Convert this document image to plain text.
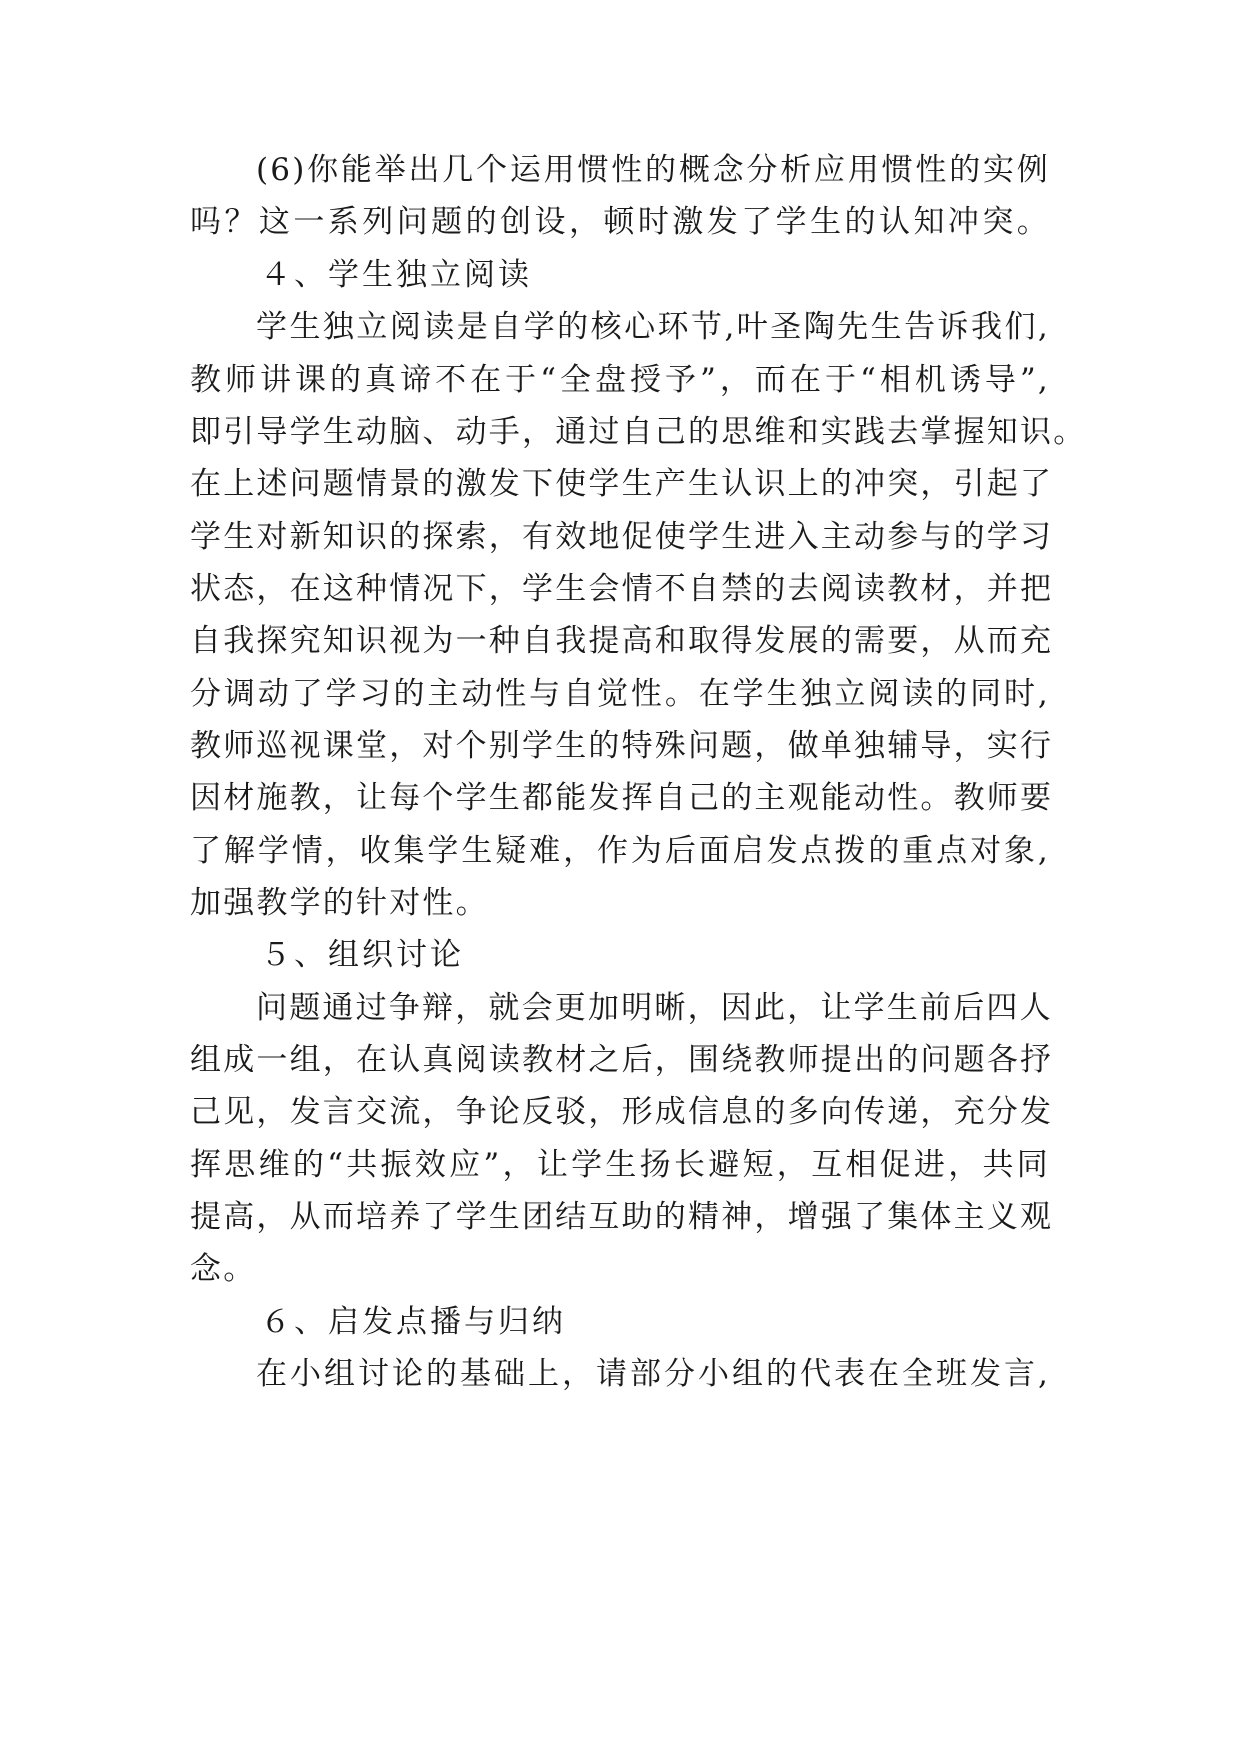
(6)你能举出几个运用惯性的概念分析应用惯性的实例
吗？这一系列问题的创设，顿时激发了学生的认知冲突。
４、学生独立阅读
学生独立阅读是自学的核心环节,叶圣陶先生告诉我们,
教师讲课的真谛不在于“全盘授予”，而在于“相机诱导”,
即引导学生动脑、动手，通过自己的思维和实践去掌握知识。
在上述问题情景的激发下使学生产生认识上的冲突，引起了
学生对新知识的探索，有效地促使学生进入主动参与的学习
状态，在这种情况下，学生会情不自禁的去阅读教材，并把
自我探究知识视为一种自我提高和取得发展的需要，从而充
分调动了学习的主动性与自觉性。在学生独立阅读的同时,
教师巡视课堂，对个别学生的特殊问题，做单独辅导，实行
因材施教，让每个学生都能发挥自己的主观能动性。教师要
了解学情，收集学生疑难，作为后面启发点拨的重点对象,
加强教学的针对性。
５、组织讨论
问题通过争辩，就会更加明晰，因此，让学生前后四人
组成一组，在认真阅读教材之后，围绕教师提出的问题各抒
己见，发言交流，争论反驳，形成信息的多向传递，充分发
挥思维的“共振效应”，让学生扬长避短，互相促进，共同
提高，从而培养了学生团结互助的精神，增强了集体主义观
念。
６、启发点播与归纳
在小组讨论的基础上，请部分小组的代表在全班发言,
